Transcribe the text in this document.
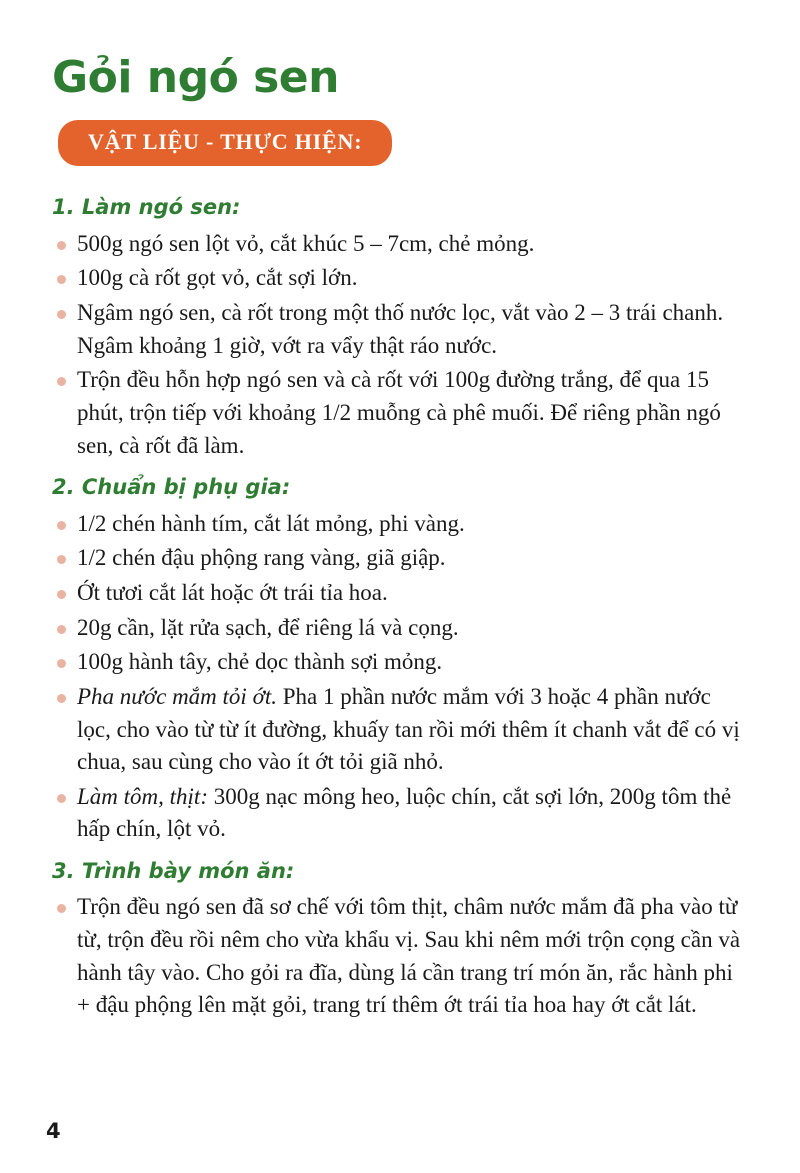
Gỏi ngó sen
VẬT LIỆU - THỰC HIỆN:
1. Làm ngó sen:
500g ngó sen lột vỏ, cắt khúc 5 – 7cm, chẻ mỏng.
100g cà rốt gọt vỏ, cắt sợi lớn.
Ngâm ngó sen, cà rốt trong một thố nước lọc, vắt vào 2 – 3 trái chanh. Ngâm khoảng 1 giờ, vớt ra vẩy thật ráo nước.
Trộn đều hỗn hợp ngó sen và cà rốt với 100g đường trắng, để qua 15 phút, trộn tiếp với khoảng 1/2 muỗng cà phê muối. Để riêng phần ngó sen, cà rốt đã làm.
2. Chuẩn bị phụ gia:
1/2 chén hành tím, cắt lát mỏng, phi vàng.
1/2 chén đậu phộng rang vàng, giã giập.
Ớt tươi cắt lát hoặc ớt trái tỉa hoa.
20g cần, lặt rửa sạch, để riêng lá và cọng.
100g hành tây, chẻ dọc thành sợi mỏng.
Pha nước mắm tỏi ớt. Pha 1 phần nước mắm với 3 hoặc 4 phần nước lọc, cho vào từ từ ít đường, khuấy tan rồi mới thêm ít chanh vắt để có vị chua, sau cùng cho vào ít ớt tỏi giã nhỏ.
Làm tôm, thịt: 300g nạc mông heo, luộc chín, cắt sợi lớn, 200g tôm thẻ hấp chín, lột vỏ.
3. Trình bày món ăn:
Trộn đều ngó sen đã sơ chế với tôm thịt, châm nước mắm đã pha vào từ từ, trộn đều rồi nêm cho vừa khẩu vị. Sau khi nêm mới trộn cọng cần và hành tây vào. Cho gỏi ra đĩa, dùng lá cần trang trí món ăn, rắc hành phi + đậu phộng lên mặt gỏi, trang trí thêm ớt trái tỉa hoa hay ớt cắt lát.
4
